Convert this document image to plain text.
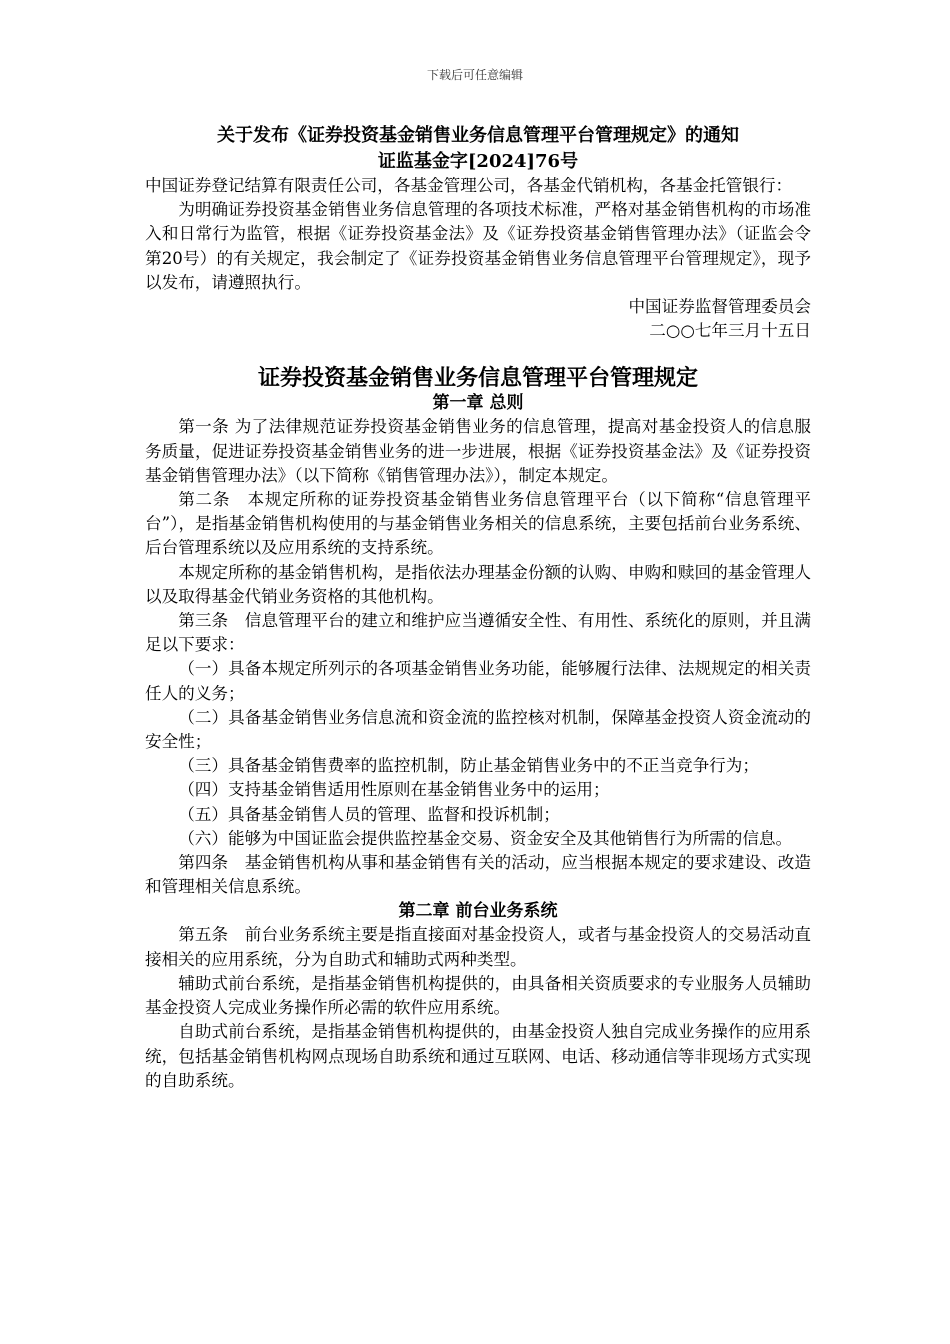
下载后可任意编辑

关于发布《证券投资基金销售业务信息管理平台管理规定》的通知

证监基金字[2024]76号

中国证券登记结算有限责任公司，各基金管理公司，各基金代销机构，各基金托管银行：

为明确证券投资基金销售业务信息管理的各项技术标准，严格对基金销售机构的市场准入和日常行为监管，根据《证券投资基金法》及《证券投资基金销售管理办法》（证监会令第20号）的有关规定，我会制定了《证券投资基金销售业务信息管理平台管理规定》，现予以发布，请遵照执行。

中国证券监督管理委员会

二○○七年三月十五日

证券投资基金销售业务信息管理平台管理规定

第一章 总则

第一条 为了法律规范证券投资基金销售业务的信息管理，提高对基金投资人的信息服务质量，促进证券投资基金销售业务的进一步进展，根据《证券投资基金法》及《证券投资基金销售管理办法》（以下简称《销售管理办法》），制定本规定。

第二条　本规定所称的证券投资基金销售业务信息管理平台（以下简称“信息管理平台”），是指基金销售机构使用的与基金销售业务相关的信息系统，主要包括前台业务系统、后台管理系统以及应用系统的支持系统。

本规定所称的基金销售机构，是指依法办理基金份额的认购、申购和赎回的基金管理人以及取得基金代销业务资格的其他机构。

第三条　信息管理平台的建立和维护应当遵循安全性、有用性、系统化的原则，并且满足以下要求：

（一）具备本规定所列示的各项基金销售业务功能，能够履行法律、法规规定的相关责任人的义务；

（二）具备基金销售业务信息流和资金流的监控核对机制，保障基金投资人资金流动的安全性；

（三）具备基金销售费率的监控机制，防止基金销售业务中的不正当竞争行为；

（四）支持基金销售适用性原则在基金销售业务中的运用；

（五）具备基金销售人员的管理、监督和投诉机制；

（六）能够为中国证监会提供监控基金交易、资金安全及其他销售行为所需的信息。

第四条　基金销售机构从事和基金销售有关的活动，应当根据本规定的要求建设、改造和管理相关信息系统。

第二章 前台业务系统

第五条　前台业务系统主要是指直接面对基金投资人，或者与基金投资人的交易活动直接相关的应用系统，分为自助式和辅助式两种类型。

辅助式前台系统，是指基金销售机构提供的，由具备相关资质要求的专业服务人员辅助基金投资人完成业务操作所必需的软件应用系统。

自助式前台系统，是指基金销售机构提供的，由基金投资人独自完成业务操作的应用系统，包括基金销售机构网点现场自助系统和通过互联网、电话、移动通信等非现场方式实现的自助系统。
